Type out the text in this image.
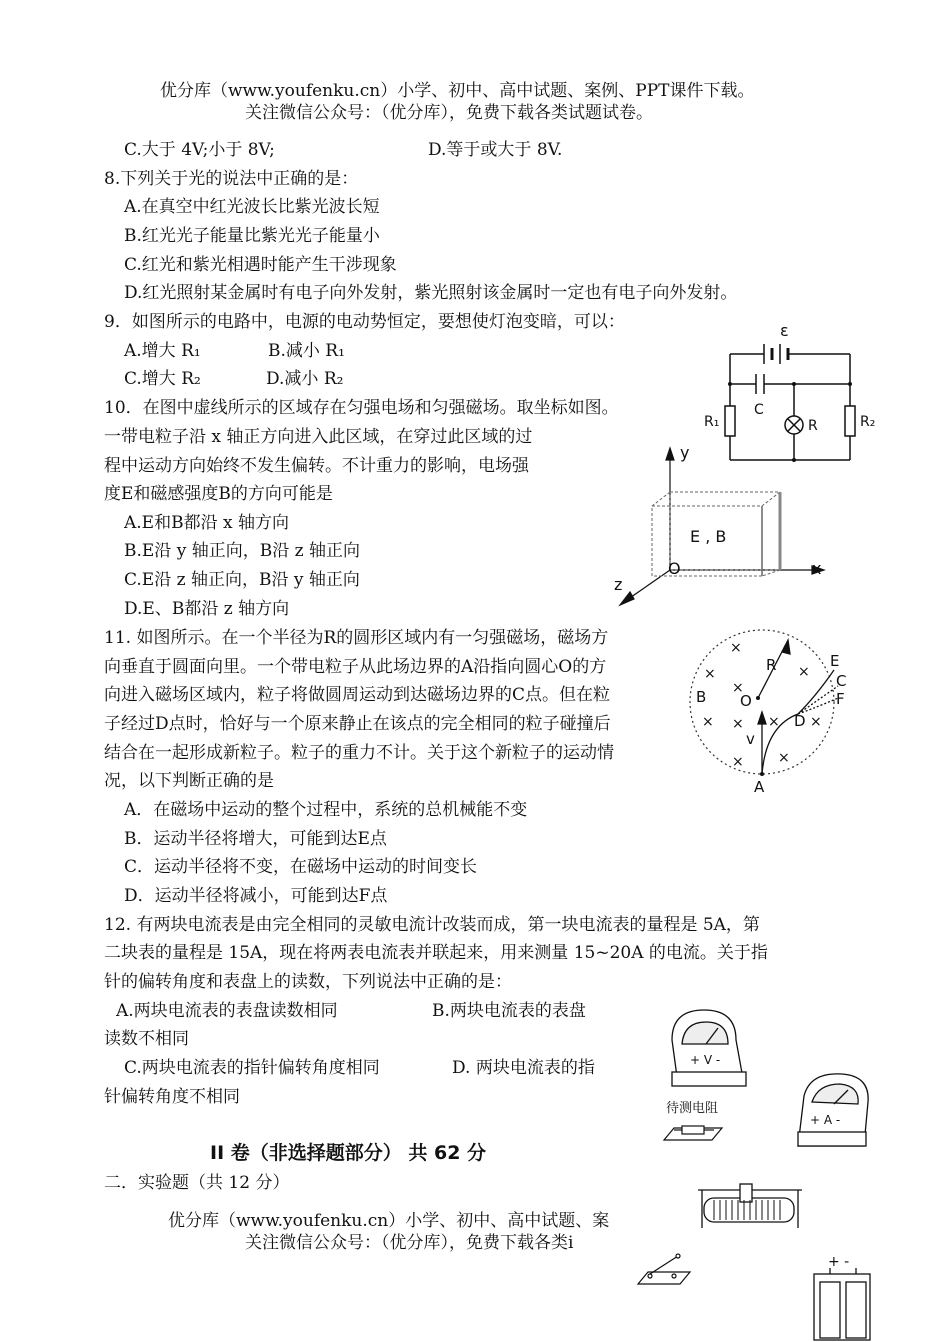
优分库（www.youfenku.cn）小学、初中、高中试题、案例、PPT课件下载。
关注微信公众号：（优分库），免费下载各类试题试卷。
C.大于 4V;小于 8V;	D.等于或大于 8V.
8.下列关于光的说法中正确的是：
A.在真空中红光波长比紫光波长短
B.红光光子能量比紫光光子能量小
C.红光和紫光相遇时能产生干涉现象
D.红光照射某金属时有电子向外发射，紫光照射该金属时一定也有电子向外发射。
9．如图所示的电路中，电源的电动势恒定，要想使灯泡变暗，可以：
A.增大 R₁	B.减小 R₁
C.增大 R₂	D.减小 R₂
ε
C
R₁	R	R₂
10．在图中虚线所示的区域存在匀强电场和匀强磁场。取坐标如图。
一带电粒子沿 x 轴正方向进入此区域，在穿过此区域的过
程中运动方向始终不发生偏转。不计重力的影响，电场强
度E和磁感强度B的方向可能是
A.E和B都沿 x 轴方向
B.E沿 y 轴正向，B沿 z 轴正向
C.E沿 z 轴正向，B沿 y 轴正向
D.E、B都沿 z 轴方向
y
x
z
O
E , B
11. 如图所示。在一个半径为R的圆形区域内有一匀强磁场，磁场方
向垂直于圆面向里。一个带电粒子从此场边界的A沿指向圆心O的方
向进入磁场区域内，粒子将做圆周运动到达磁场边界的C点。但在粒
子经过D点时，恰好与一个原来静止在该点的完全相同的粒子碰撞后
结合在一起形成新粒子。粒子的重力不计。关于这个新粒子的运动情
况，以下判断正确的是
A．在磁场中运动的整个过程中，系统的总机械能不变
B．运动半径将增大，可能到达E点
C．运动半径将不变，在磁场中运动的时间变长
D．运动半径将减小，可能到达F点
×
×	×
×
× × ×
× ×
×
R	E
C
F
D
O
B
A
v
12. 有两块电流表是由完全相同的灵敏电流计改装而成，第一块电流表的量程是 5A，第
二块表的量程是 15A，现在将两表电流表并联起来，用来测量 15~20A 的电流。关于指
针的偏转角度和表盘上的读数，下列说法中正确的是：
A.两块电流表的表盘读数相同	B.两块电流表的表盘
读数不相同
C.两块电流表的指针偏转角度相同	D. 两块电流表的指
针偏转角度不相同
II 卷（非选择题部分） 共 62 分
二．实验题（共 12 分）
优分库（www.youfenku.cn）小学、初中、高中试题、案
关注微信公众号：（优分库），免费下载各类i
+ V -
待测电阻
+ A -
+ -
